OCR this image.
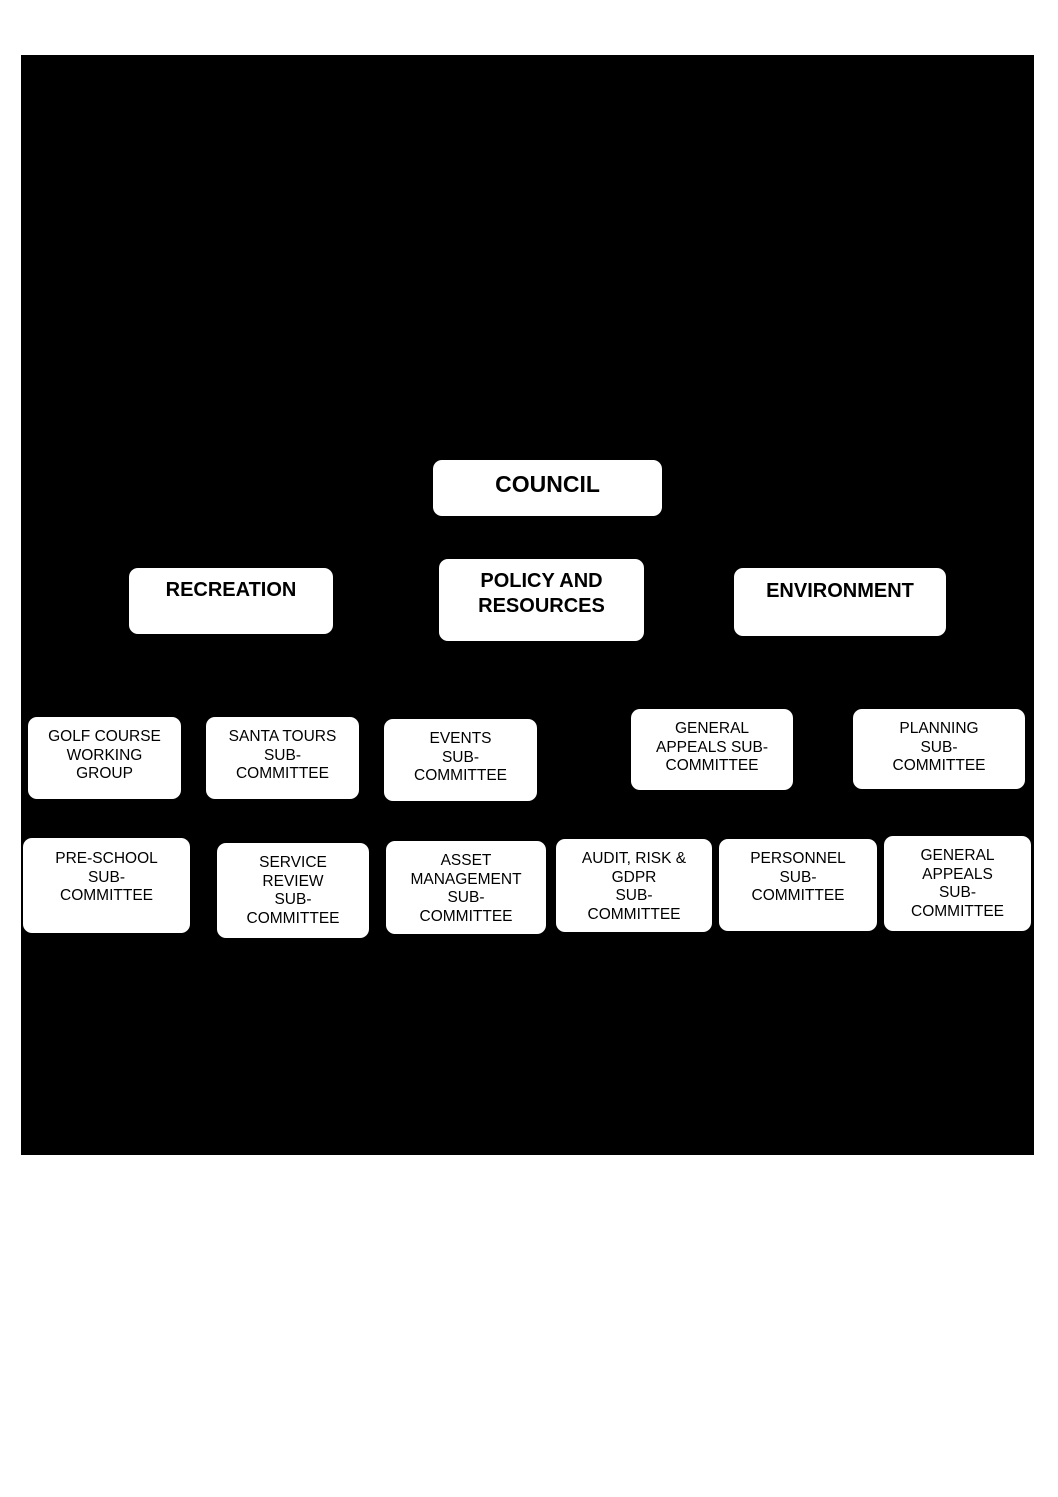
COUNCIL
RECREATION	POLICY AND
RESOURCES
ENVIRONMENT
GOLF COURSE
WORKING
GROUP
SANTA TOURS
SUB-
COMMITTEE
EVENTS
SUB-
COMMITTEE
GENERAL
APPEALS SUB-
COMMITTEE
PLANNING
SUB-
COMMITTEE
PRE-SCHOOL
SUB-
COMMITTEE
SERVICE
REVIEW
SUB-
COMMITTEE
ASSET
MANAGEMENT
SUB-
COMMITTEE
AUDIT, RISK &
GDPR
SUB-
COMMITTEE
PERSONNEL
SUB-
COMMITTEE
GENERAL
APPEALS
SUB-
COMMITTEE
